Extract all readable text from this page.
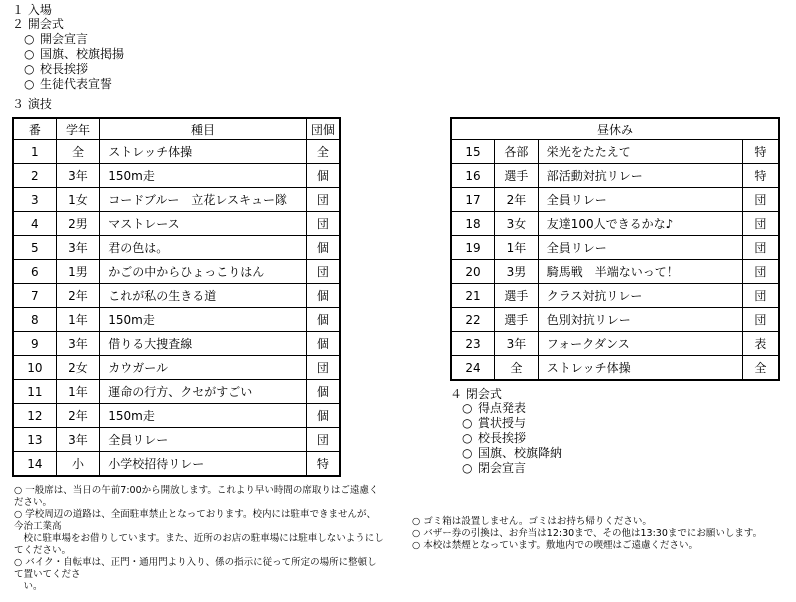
１ 入場
２ 開会式
○ 開会宣言
○ 国旗、校旗掲揚
○ 校長挨拶
○ 生徒代表宣誓
３ 演技
番	学年	種目	団個
1	全	ストレッチ体操	全
2	3年	150m走	個
3	1女	コードブルー　立花レスキュー隊	団
4	2男	マストレース	団
5	3年	君の色は。	個
6	1男	かごの中からひょっこりはん	団
7	2年	これが私の生きる道	個
8	1年	150m走	個
9	3年	借りる大捜査線	個
10	2女	カウガール	団
11	1年	運命の行方、クセがすごい	個
12	2年	150m走	個
13	3年	全員リレー	団
14	小	小学校招待リレー	特
昼休み			
15	各部	栄光をたたえて	特
16	選手	部活動対抗リレー	特
17	2年	全員リレー	団
18	3女	友達100人できるかな♪	団
19	1年	全員リレー	団
20	3男	騎馬戦　半端ないって！	団
21	選手	クラス対抗リレー	団
22	選手	色別対抗リレー	団
23	3年	フォークダンス	表
24	全	ストレッチ体操	全
４ 閉会式
○ 得点発表
○ 賞状授与
○ 校長挨拶
○ 国旗、校旗降納
○ 閉会宣言

○ 一般席は、当日の午前7:00から開放します。これより早い時間の席取りはご遠慮ください。

○ 学校周辺の道路は、全面駐車禁止となっております。校内には駐車できませんが、今治工業高

　校に駐車場をお借りしています。また、近所のお店の駐車場には駐車しないようにしてください。

○ バイク・自転車は、正門・通用門より入り、係の指示に従って所定の場所に整頓して置いてくださ

　い。

○ ゴミ箱は設置しません。ゴミはお持ち帰りください。

○ バザー券の引換は、お弁当は12:30まで、その他は13:30までにお願いします。

○ 本校は禁煙となっています。敷地内での喫煙はご遠慮ください。
